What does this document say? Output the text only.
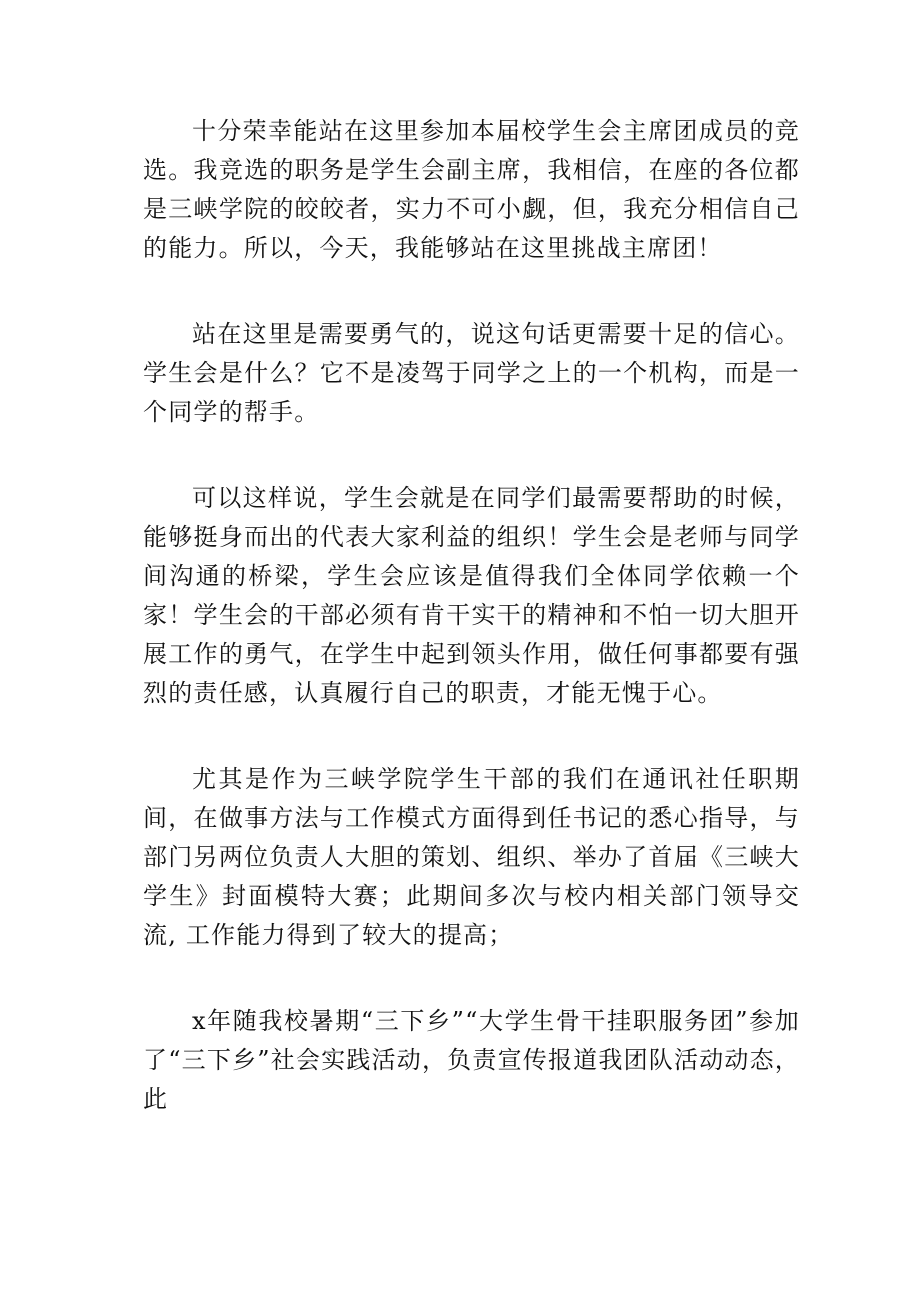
十分荣幸能站在这里参加本届校学生会主席团成员的竞选。我竞选的职务是学生会副主席，我相信，在座的各位都是三峡学院的皎皎者，实力不可小觑，但，我充分相信自己的能力。所以，今天，我能够站在这里挑战主席团！

站在这里是需要勇气的，说这句话更需要十足的信心。学生会是什么？它不是凌驾于同学之上的一个机构，而是一个同学的帮手。

可以这样说，学生会就是在同学们最需要帮助的时候，能够挺身而出的代表大家利益的组织！学生会是老师与同学间沟通的桥梁，学生会应该是值得我们全体同学依赖一个家！学生会的干部必须有肯干实干的精神和不怕一切大胆开展工作的勇气，在学生中起到领头作用，做任何事都要有强烈的责任感，认真履行自己的职责，才能无愧于心。

尤其是作为三峡学院学生干部的我们在通讯社任职期间，在做事方法与工作模式方面得到任书记的悉心指导，与部门另两位负责人大胆的策划、组织、举办了首届《三峡大学生》封面模特大赛；此期间多次与校内相关部门领导交流, 工作能力得到了较大的提高；

x年随我校暑期“三下乡”“大学生骨干挂职服务团”参加了“三下乡”社会实践活动，负责宣传报道我团队活动动态，此
